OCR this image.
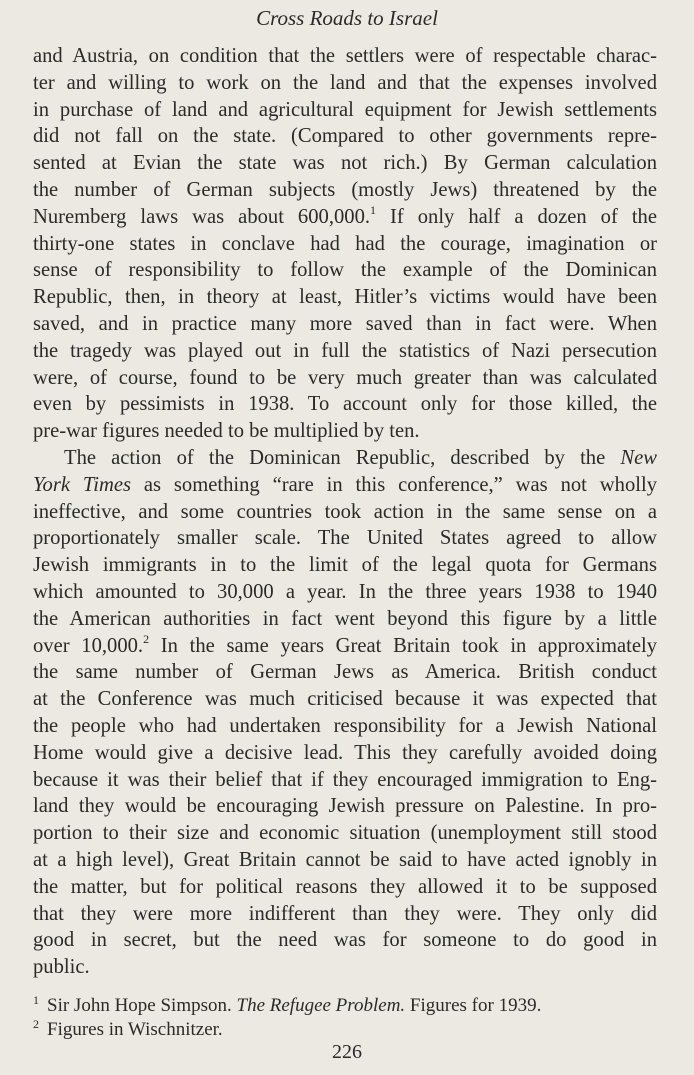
Cross Roads to Israel
and Austria, on condition that the settlers were of respectable charac-
ter and willing to work on the land and that the expenses involved
in purchase of land and agricultural equipment for Jewish settlements
did not fall on the state. (Compared to other governments repre-
sented at Evian the state was not rich.) By German calculation
the number of German subjects (mostly Jews) threatened by the
Nuremberg laws was about 600,000.$^1$ If only half a dozen of the
thirty-one states in conclave had had the courage, imagination or
sense of responsibility to follow the example of the Dominican
Republic, then, in theory at least, Hitler’s victims would have been
saved, and in practice many more saved than in fact were. When
the tragedy was played out in full the statistics of Nazi persecution
were, of course, found to be very much greater than was calculated
even by pessimists in 1938. To account only for those killed, the
pre-war figures needed to be multiplied by ten.
The action of the Dominican Republic, described by the New
York Times as something “rare in this conference,” was not wholly
ineffective, and some countries took action in the same sense on a
proportionately smaller scale. The United States agreed to allow
Jewish immigrants in to the limit of the legal quota for Germans
which amounted to 30,000 a year. In the three years 1938 to 1940
the American authorities in fact went beyond this figure by a little
over 10,000.$^2$ In the same years Great Britain took in approximately
the same number of German Jews as America. British conduct
at the Conference was much criticised because it was expected that
the people who had undertaken responsibility for a Jewish National
Home would give a decisive lead. This they carefully avoided doing
because it was their belief that if they encouraged immigration to Eng-
land they would be encouraging Jewish pressure on Palestine. In pro-
portion to their size and economic situation (unemployment still stood
at a high level), Great Britain cannot be said to have acted ignobly in
the matter, but for political reasons they allowed it to be supposed
that they were more indifferent than they were. They only did
good in secret, but the need was for someone to do good in
public.
$^1$ Sir John Hope Simpson. The Refugee Problem. Figures for 1939.
$^2$ Figures in Wischnitzer.
226
